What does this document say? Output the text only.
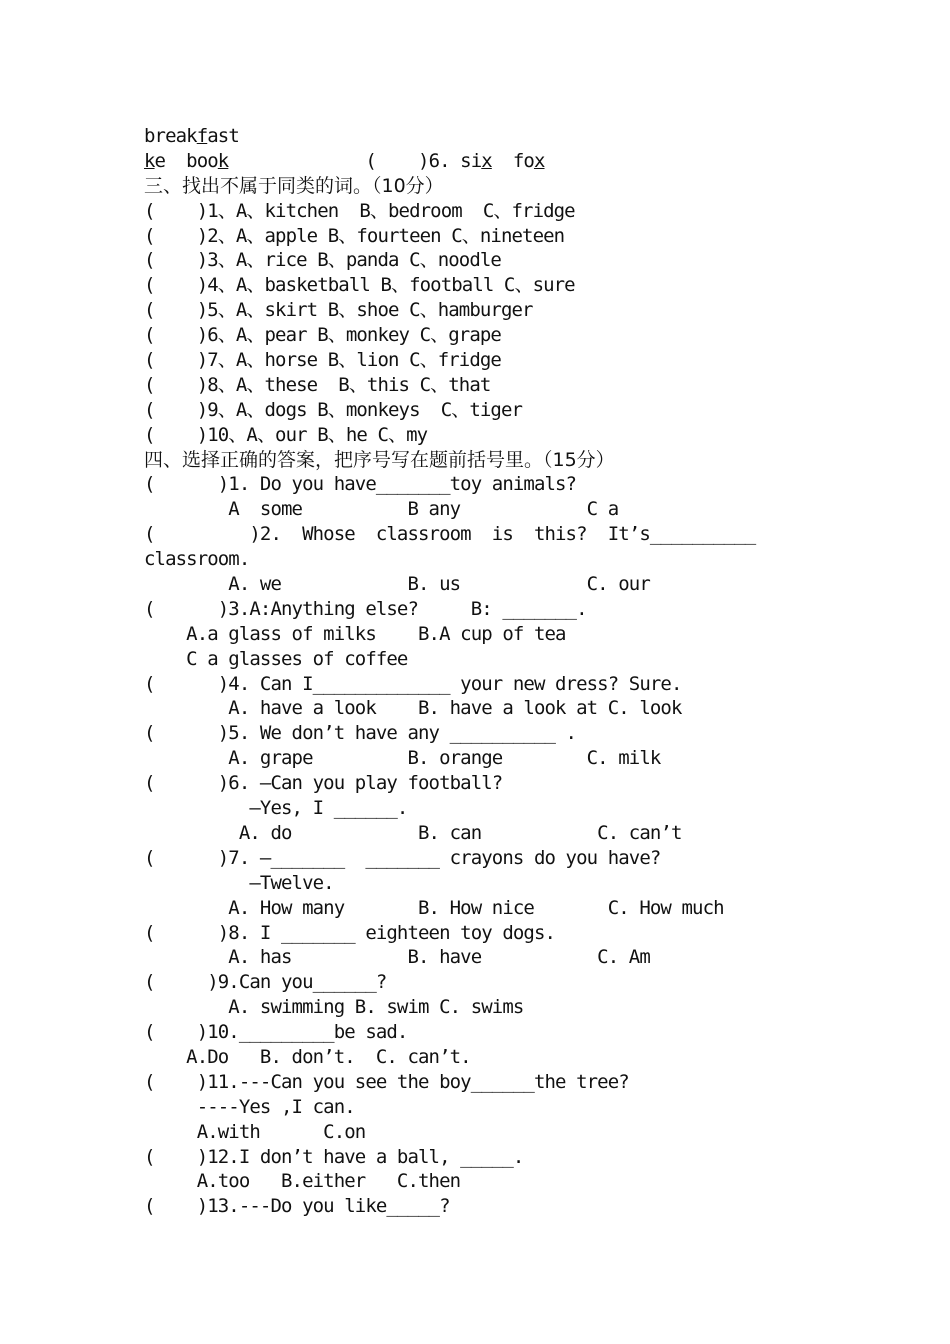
breakfast
ke  book             (    )6. six  fox
三、找出不属于同类的词。（10分）
(    )1、A、kitchen  B、bedroom  C、fridge
(    )2、A、apple B、fourteen C、nineteen
(    )3、A、rice B、panda C、noodle
(    )4、A、basketball B、football C、sure
(    )5、A、skirt B、shoe C、hamburger
(    )6、A、pear B、monkey C、grape
(    )7、A、horse B、lion C、fridge
(    )8、A、these  B、this C、that
(    )9、A、dogs B、monkeys  C、tiger
(    )10、A、our B、he C、my
四、选择正确的答案，把序号写在题前括号里。（15分）
(      )1. Do you have_______toy animals?
A  some          B any            C a
(         )2.  Whose  classroom  is  this?  It’s__________
classroom.
A. we            B. us            C. our
(      )3.A:Anything else?     B: _______.
A.a glass of milks    B.A cup of tea
C a glasses of coffee
(      )4. Can I_____________ your new dress? Sure.
A. have a look    B. have a look at C. look
(      )5. We don’t have any __________ .
A. grape         B. orange        C. milk
(      )6. —Can you play football?
—Yes, I ______.
A. do            B. can           C. can’t
(      )7. —_______  _______ crayons do you have?
—Twelve.
A. How many       B. How nice       C. How much
(      )8. I _______ eighteen toy dogs.
A. has           B. have           C. Am
(     )9.Can you______?
A. swimming B. swim C. swims
(    )10._________be sad.
A.Do   B. don’t.  C. can’t.
(    )11.---Can you see the boy______the tree?
----Yes ,I can.
A.with      C.on
(    )12.I don’t have a ball, _____.
A.too   B.either   C.then
(    )13.---Do you like_____?
